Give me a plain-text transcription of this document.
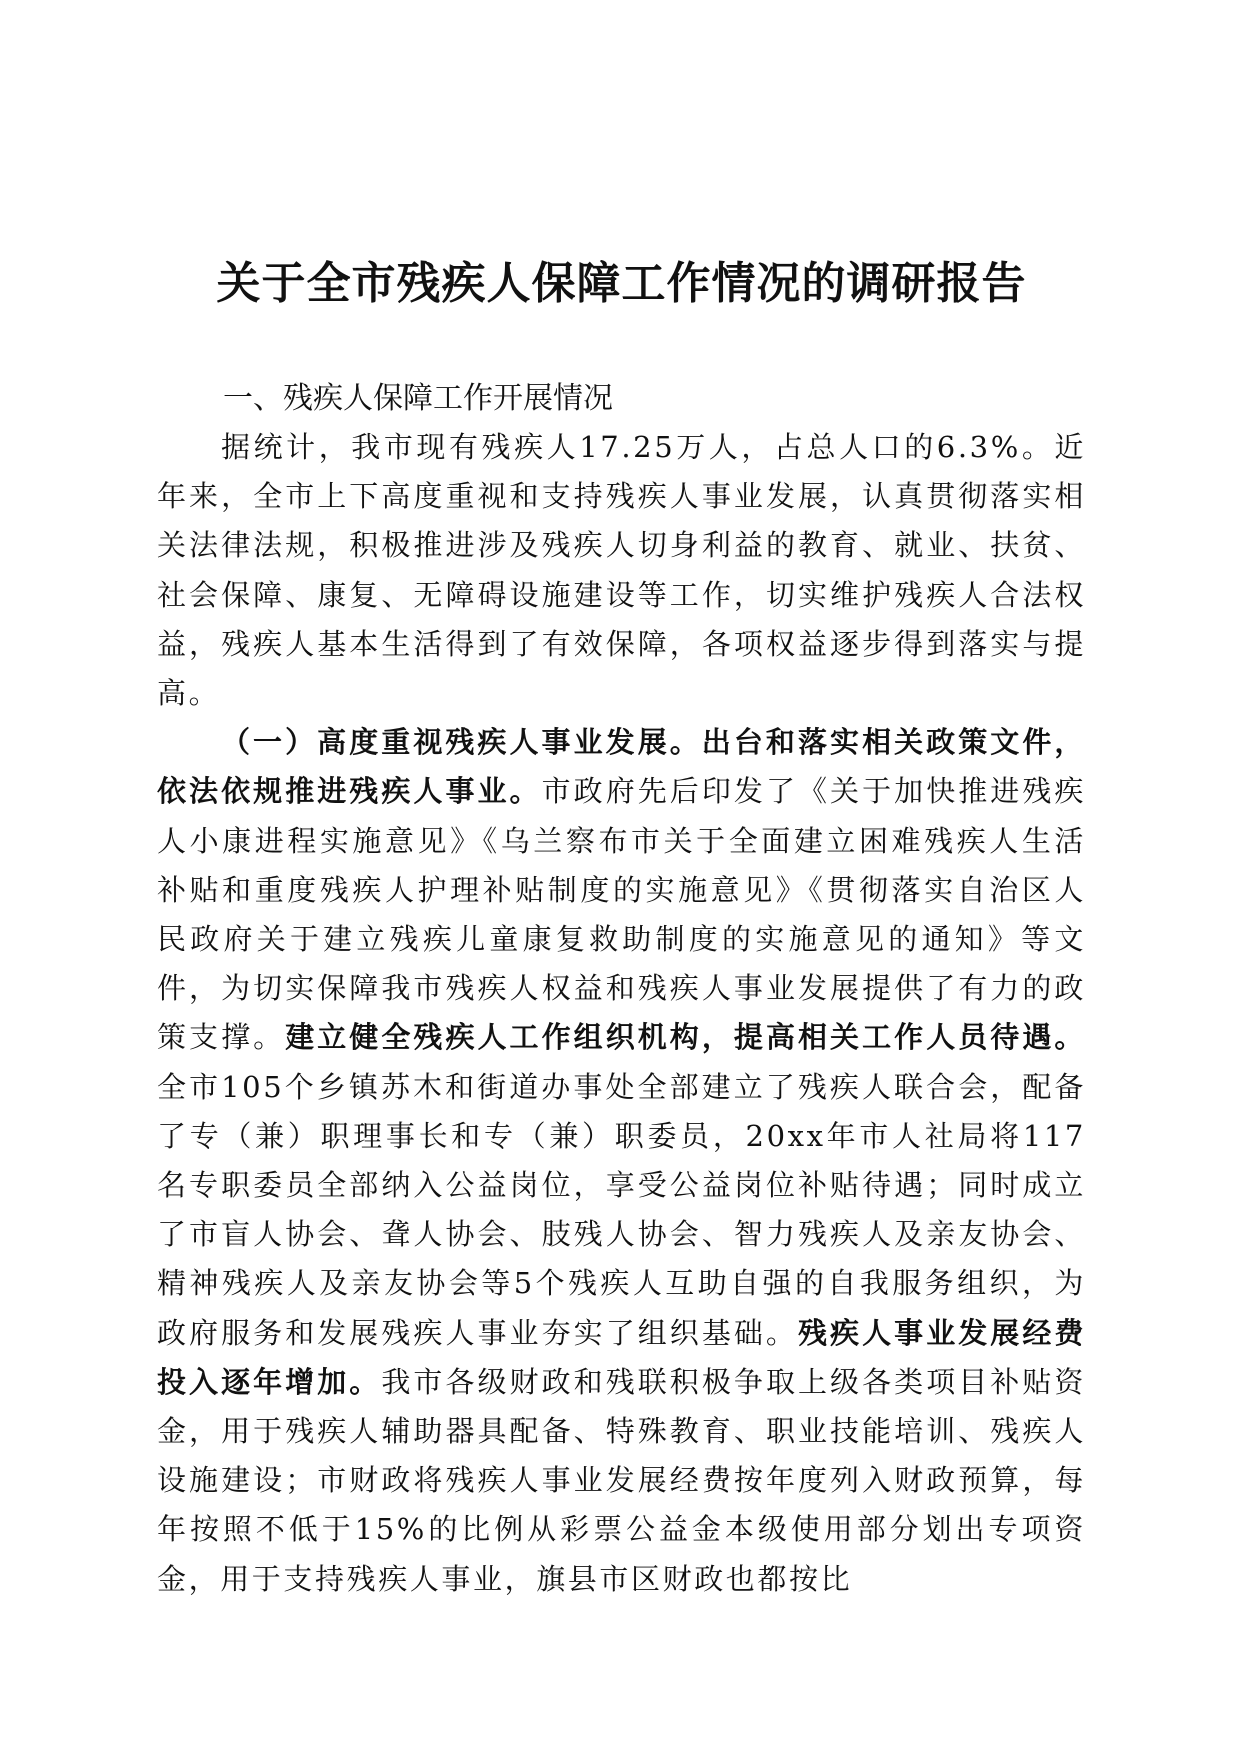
关于全市残疾人保障工作情况的调研报告
一、残疾人保障工作开展情况

据统计，我市现有残疾人17.25万人，占总人口的6.3%。近年来，全市上下高度重视和支持残疾人事业发展，认真贯彻落实相关法律法规，积极推进涉及残疾人切身利益的教育、就业、扶贫、社会保障、康复、无障碍设施建设等工作，切实维护残疾人合法权益，残疾人基本生活得到了有效保障，各项权益逐步得到落实与提高。

（一）高度重视残疾人事业发展。出台和落实相关政策文件，依法依规推进残疾人事业。市政府先后印发了《关于加快推进残疾人小康进程实施意见》《乌兰察布市关于全面建立困难残疾人生活补贴和重度残疾人护理补贴制度的实施意见》《贯彻落实自治区人民政府关于建立残疾儿童康复救助制度的实施意见的通知》等文件，为切实保障我市残疾人权益和残疾人事业发展提供了有力的政策支撑。建立健全残疾人工作组织机构，提高相关工作人员待遇。全市105个乡镇苏木和街道办事处全部建立了残疾人联合会，配备了专（兼）职理事长和专（兼）职委员，20xx年市人社局将117名专职委员全部纳入公益岗位，享受公益岗位补贴待遇；同时成立了市盲人协会、聋人协会、肢残人协会、智力残疾人及亲友协会、精神残疾人及亲友协会等5个残疾人互助自强的自我服务组织，为政府服务和发展残疾人事业夯实了组织基础。残疾人事业发展经费投入逐年增加。我市各级财政和残联积极争取上级各类项目补贴资金，用于残疾人辅助器具配备、特殊教育、职业技能培训、残疾人设施建设；市财政将残疾人事业发展经费按年度列入财政预算，每年按照不低于15%的比例从彩票公益金本级使用部分划出专项资金，用于支持残疾人事业，旗县市区财政也都按比
